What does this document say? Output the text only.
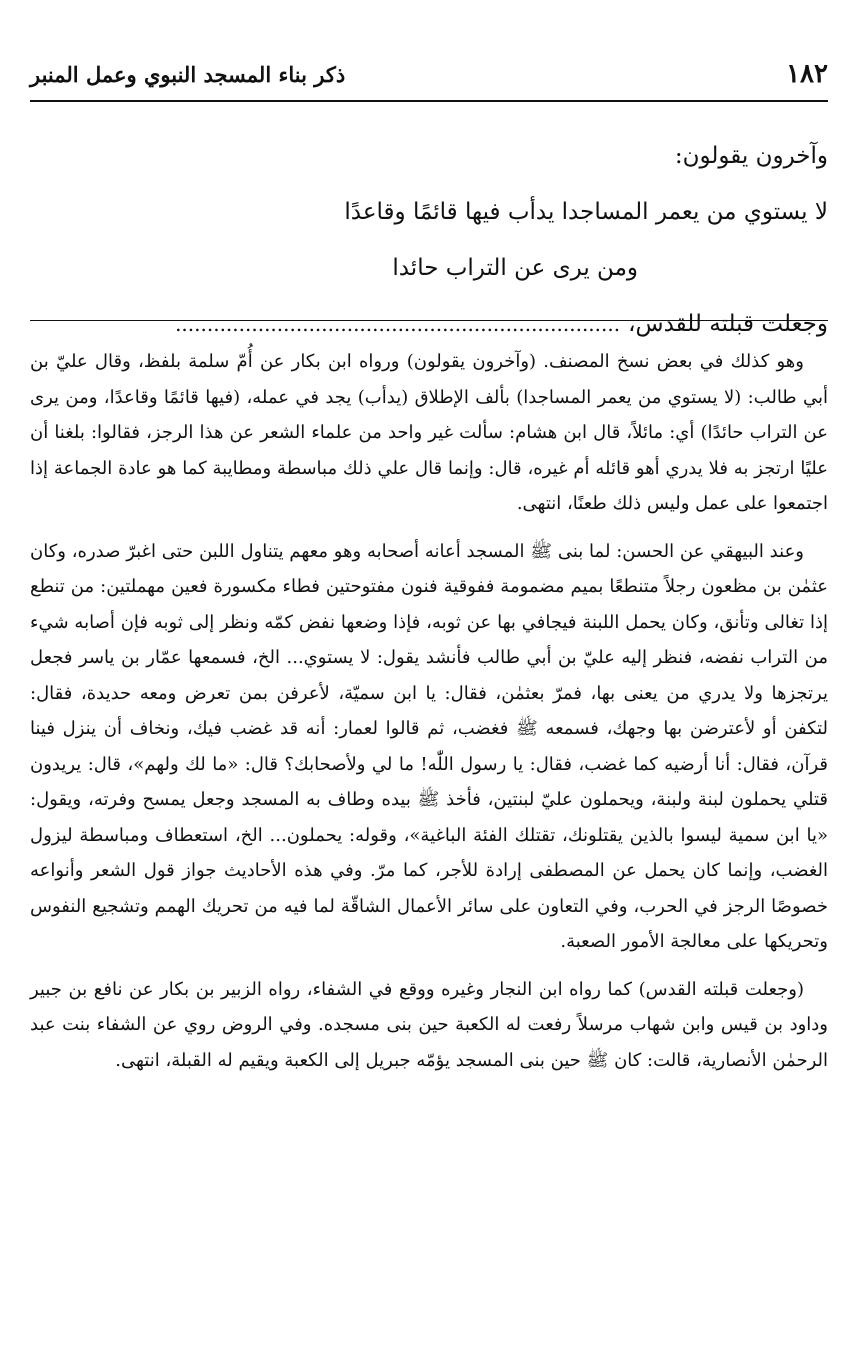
١٨٢
ذكر بناء المسجد النبوي وعمل المنبر
وآخرون يقولون:
لا يستوي من يعمر المساجدا يدأب فيها قائمًا وقاعدًا
ومن يرى عن التراب حائدا
وجعلت قبلته للقدس،
......................................................................

وهو كذلك في بعض نسخ المصنف. (وآخرون يقولون) ورواه ابن بكار عن أُمّ سلمة بلفظ، وقال عليّ بن أبي طالب: (لا يستوي من يعمر المساجدا) بألف الإطلاق (يدأب) يجد في عمله، (فيها قائمًا وقاعدًا، ومن يرى عن التراب حائدًا) أي: مائلاً، قال ابن هشام: سألت غير واحد من علماء الشعر عن هذا الرجز، فقالوا: بلغنا أن عليًا ارتجز به فلا يدري أهو قائله أم غيره، قال: وإنما قال علي ذلك مباسطة ومطايبة كما هو عادة الجماعة إذا اجتمعوا على عمل وليس ذلك طعنًا، انتهى.

وعند البيهقي عن الحسن: لما بنى ﷺ المسجد أعانه أصحابه وهو معهم يتناول اللبن حتى اغبرّ صدره، وكان عثمٰن بن مظعون رجلاً متنطعًا بميم مضمومة ففوقية فنون مفتوحتين فطاء مكسورة فعين مهملتين: من تنطع إذا تغالى وتأنق، وكان يحمل اللبنة فيجافي بها عن ثوبه، فإذا وضعها نفض كمّه ونظر إلى ثوبه فإن أصابه شيء من التراب نفضه، فنظر إليه عليّ بن أبي طالب فأنشد يقول: لا يستوي... الخ، فسمعها عمّار بن ياسر فجعل يرتجزها ولا يدري من يعنى بها، فمرّ بعثمٰن، فقال: يا ابن سميّة، لأعرفن بمن تعرض ومعه حديدة، فقال: لتكفن أو لأعترضن بها وجهك، فسمعه ﷺ فغضب، ثم قالوا لعمار: أنه قد غضب فيك، ونخاف أن ينزل فينا قرآن، فقال: أنا أرضيه كما غضب، فقال: يا رسول اللّٰه! ما لي ولأصحابك؟ قال: «ما لك ولهم»، قال: يريدون قتلي يحملون لبنة ولبنة، ويحملون عليّ لبنتين، فأخذ ﷺ بيده وطاف به المسجد وجعل يمسح وفرته، ويقول: «يا ابن سمية ليسوا بالذين يقتلونك، تقتلك الفئة الباغية»، وقوله: يحملون... الخ، استعطاف ومباسطة ليزول الغضب، وإنما كان يحمل عن المصطفى إرادة للأجر، كما مرّ. وفي هذه الأحاديث جواز قول الشعر وأنواعه خصوصًا الرجز في الحرب، وفي التعاون على سائر الأعمال الشاقّة لما فيه من تحريك الهمم وتشجيع النفوس وتحريكها على معالجة الأمور الصعبة.

(وجعلت قبلته القدس) كما رواه ابن النجار وغيره ووقع في الشفاء، رواه الزبير بن بكار عن نافع بن جبير وداود بن قيس وابن شهاب مرسلاً رفعت له الكعبة حين بنى مسجده. وفي الروض روي عن الشفاء بنت عبد الرحمٰن الأنصارية، قالت: كان ﷺ حين بنى المسجد يؤمّه جبريل إلى الكعبة ويقيم له القبلة، انتهى.
